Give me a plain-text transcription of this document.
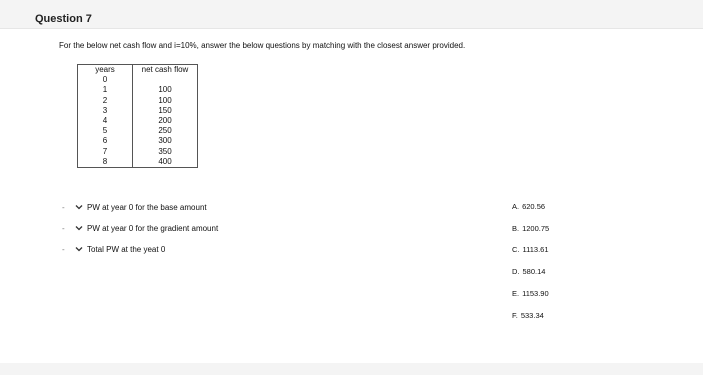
Question 7
For the below net cash flow and i=10%, answer the below questions by matching with the closest answer provided.
years	net cash flow
0	
1	100
2	100
3	150
4	200
5	250
6	300
7	350
8	400
-	PW at year 0 for the base amount
-	PW at year 0 for the gradient amount
-	Total PW at the yeat 0
A. 620.56
B. 1200.75
C. 1113.61
D. 580.14
E. 1153.90
F. 533.34
